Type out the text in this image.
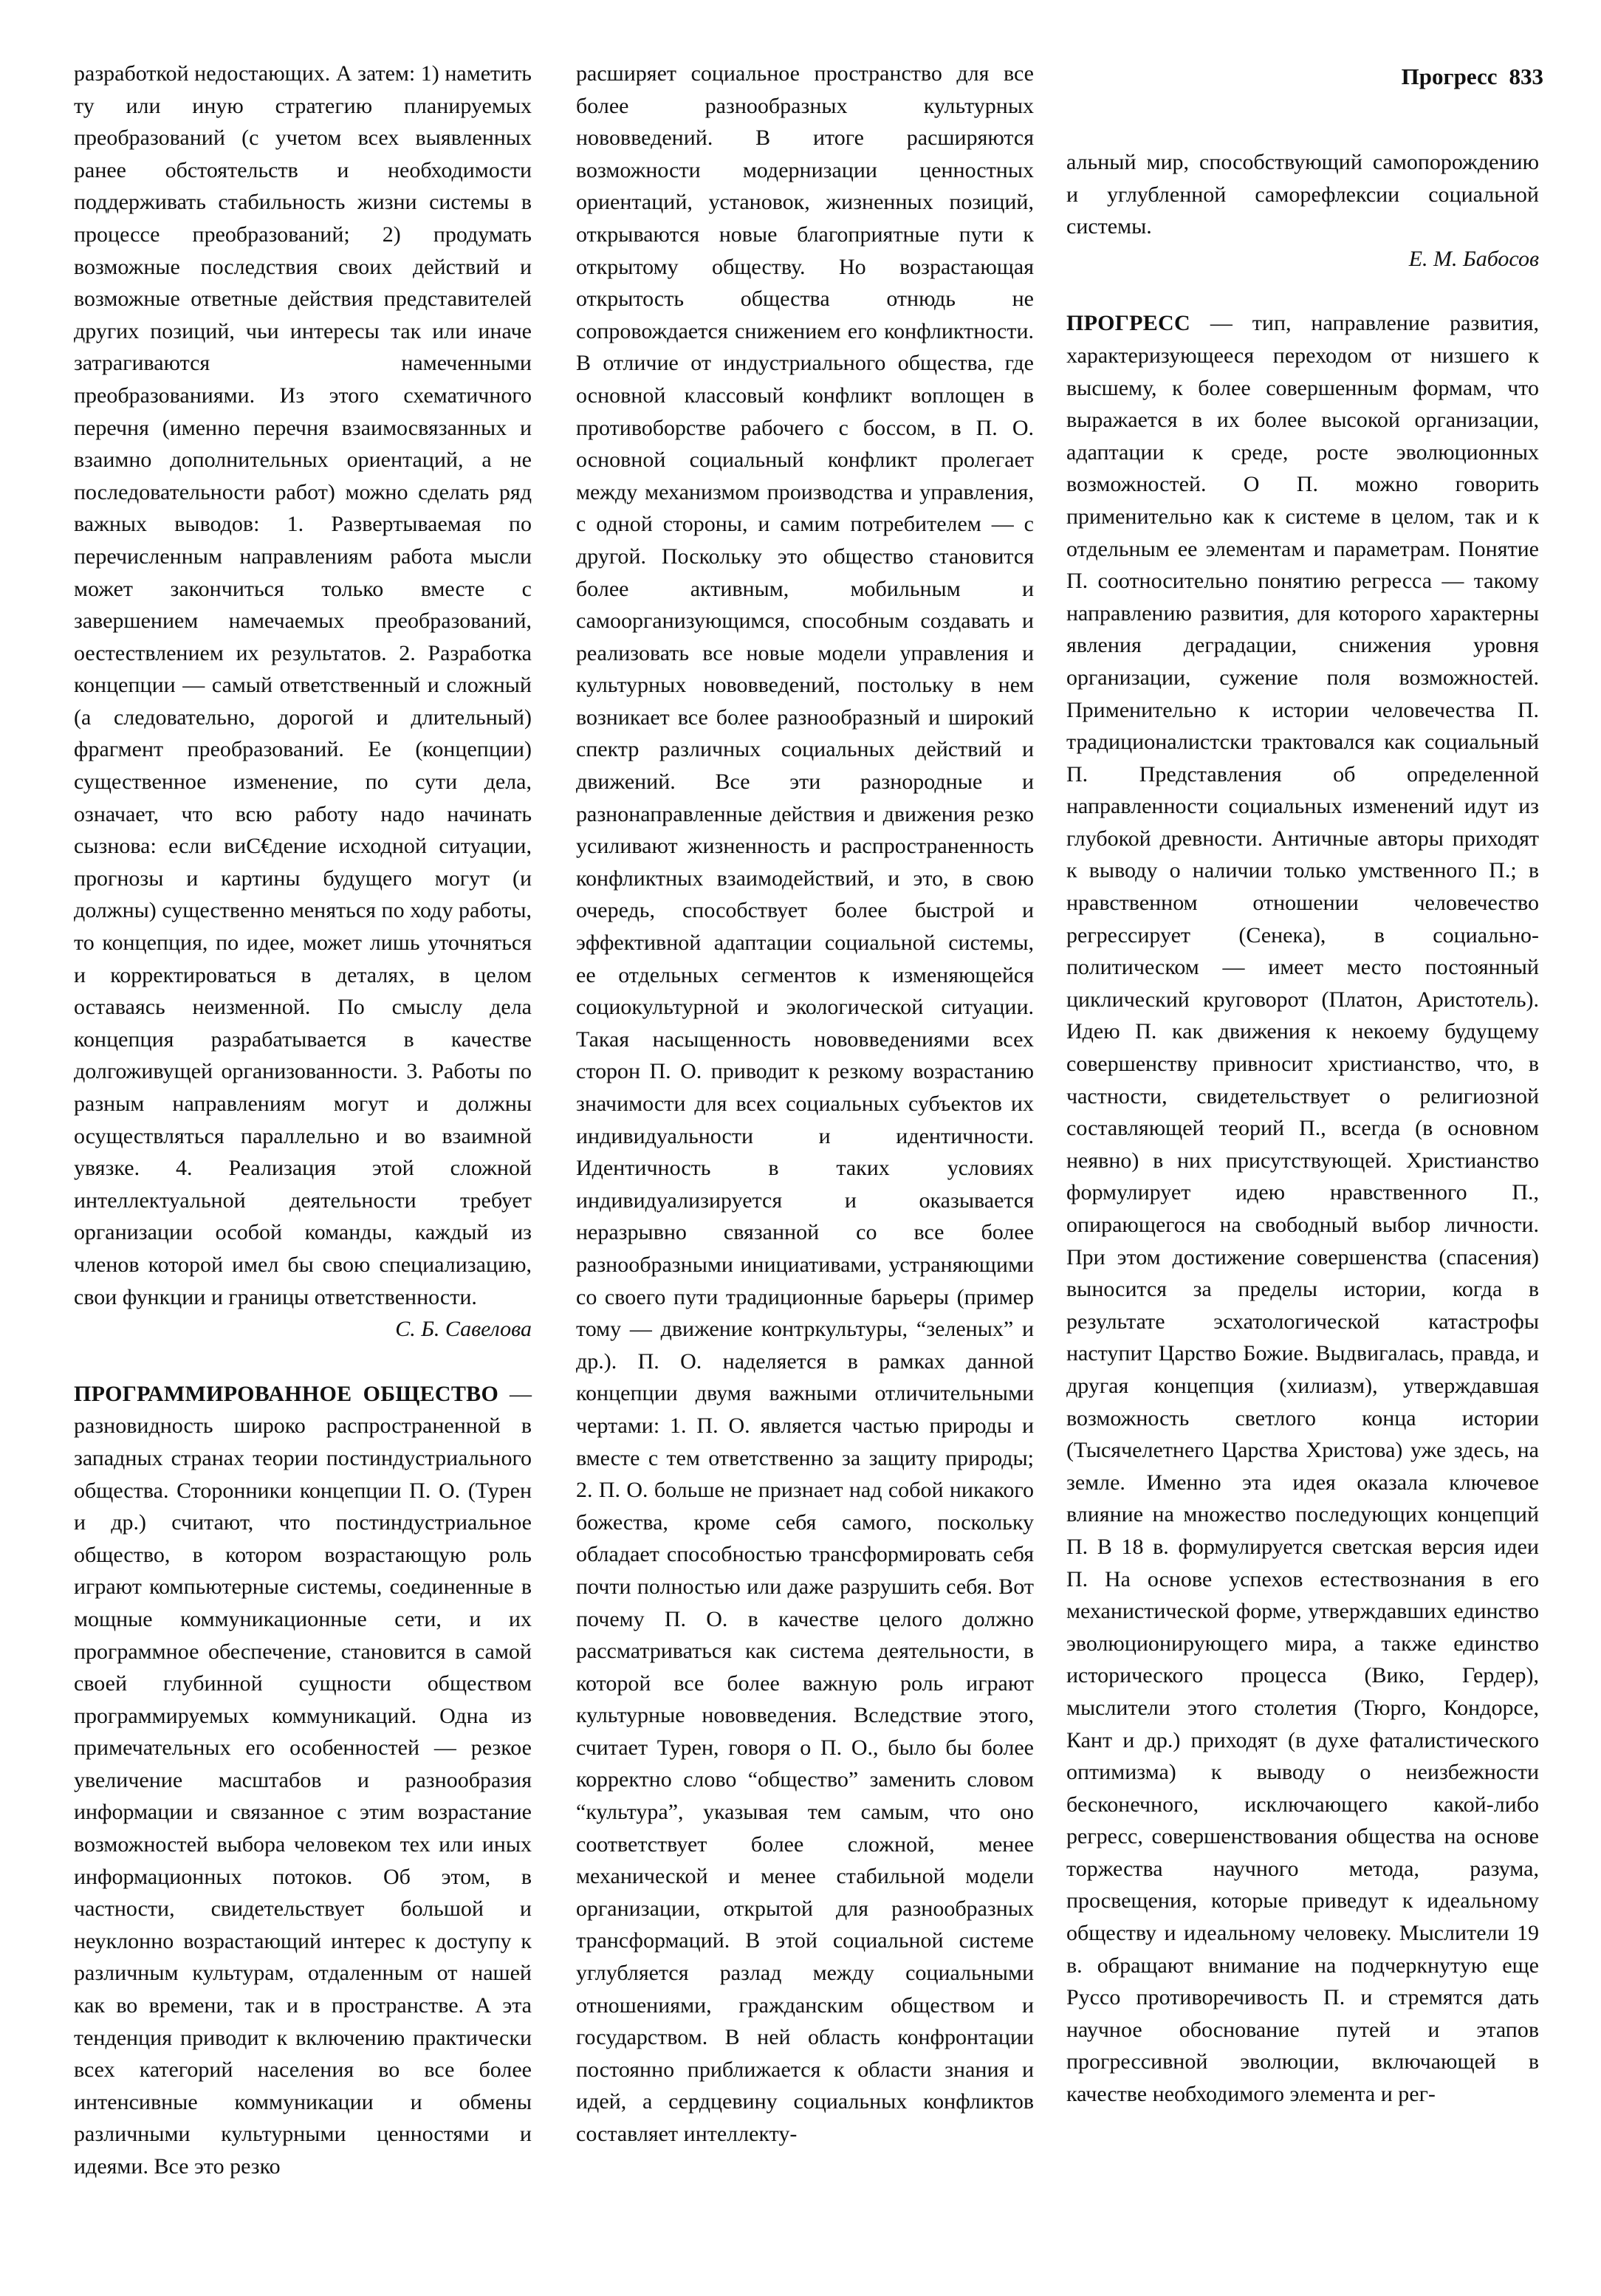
Прогресс 833

разработкой недостающих. А затем: 1) наметить ту или иную стратегию планируемых преобразований (с учетом всех выявленных ранее обстоятельств и необходимости поддерживать стабильность жизни системы в процессе преобразований; 2) продумать возможные последствия своих действий и возможные ответные действия представителей других позиций, чьи интересы так или иначе затрагиваются намеченными преобразованиями. Из этого схематичного перечня (именно перечня взаимосвязанных и взаимно дополнительных ориентаций, а не последовательности работ) можно сделать ряд важных выводов: 1. Развертываемая по перечисленным направлениям работа мысли может закончиться только вместе с завершением намечаемых преобразований, оестествлением их результатов. 2. Разработка концепции — самый ответственный и сложный (а следовательно, дорогой и длительный) фрагмент преобразований. Ее (концепции) существенное изменение, по сути дела, означает, что всю работу надо начинать сызнова: если виС€дение исходной ситуации, прогнозы и картины будущего могут (и должны) существенно меняться по ходу работы, то концепция, по идее, может лишь уточняться и корректироваться в деталях, в целом оставаясь неизменной. По смыслу дела концепция разрабатывается в качестве долгоживущей организованности. 3. Работы по разным направлениям могут и должны осуществляться параллельно и во взаимной увязке. 4. Реализация этой сложной интеллектуальной деятельности требует организации особой команды, каждый из членов которой имел бы свою специализацию, свои функции и границы ответственности.

С. Б. Савелова

ПРОГРАММИРОВАННОЕ ОБЩЕСТВО — разновидность широко распространенной в западных странах теории постиндустриального общества. Сторонники концепции П. О. (Турен и др.) считают, что постиндустриальное общество, в котором возрастающую роль играют компьютерные системы, соединенные в мощные коммуникационные сети, и их программное обеспечение, становится в самой своей глубинной сущности обществом программируемых коммуникаций. Одна из примечательных его особенностей — резкое увеличение масштабов и разнообразия информации и связанное с этим возрастание возможностей выбора человеком тех или иных информационных потоков. Об этом, в частности, свидетельствует большой и неуклонно возрастающий интерес к доступу к различным культурам, отдаленным от нашей как во времени, так и в пространстве. А эта тенденция приводит к включению практически всех категорий населения во все более интенсивные коммуникации и обмены различными культурными ценностями и идеями. Все это резко

расширяет социальное пространство для все более разнообразных культурных нововведений. В итоге расширяются возможности модернизации ценностных ориентаций, установок, жизненных позиций, открываются новые благоприятные пути к открытому обществу. Но возрастающая открытость общества отнюдь не сопровождается снижением его конфликтности. В отличие от индустриального общества, где основной классовый конфликт воплощен в противоборстве рабочего с боссом, в П. О. основной социальный конфликт пролегает между механизмом производства и управления, с одной стороны, и самим потребителем — с другой. Поскольку это общество становится более активным, мобильным и самоорганизующимся, способным создавать и реализовать все новые модели управления и культурных нововведений, постольку в нем возникает все более разнообразный и широкий спектр различных социальных действий и движений. Все эти разнородные и разнонаправленные действия и движения резко усиливают жизненность и распространенность конфликтных взаимодействий, и это, в свою очередь, способствует более быстрой и эффективной адаптации социальной системы, ее отдельных сегментов к изменяющейся социокультурной и экологической ситуации. Такая насыщенность нововведениями всех сторон П. О. приводит к резкому возрастанию значимости для всех социальных субъектов их индивидуальности и идентичности. Идентичность в таких условиях индивидуализируется и оказывается неразрывно связанной со все более разнообразными инициативами, устраняющими со своего пути традиционные барьеры (пример тому — движение контркультуры, “зеленых” и др.). П. О. наделяется в рамках данной концепции двумя важными отличительными чертами: 1. П. О. является частью природы и вместе с тем ответственно за защиту природы; 2. П. О. больше не признает над собой никакого божества, кроме себя самого, поскольку обладает способностью трансформировать себя почти полностью или даже разрушить себя. Вот почему П. О. в качестве целого должно рассматриваться как система деятельности, в которой все более важную роль играют культурные нововведения. Вследствие этого, считает Турен, говоря о П. О., было бы более корректно слово “общество” заменить словом “культура”, указывая тем самым, что оно соответствует более сложной, менее механической и менее стабильной модели организации, открытой для разнообразных трансформаций. В этой социальной системе углубляется разлад между социальными отношениями, гражданским обществом и государством. В ней область конфронтации постоянно приближается к области знания и идей, а сердцевину социальных конфликтов составляет интеллекту-

альный мир, способствующий самопорождению и углубленной саморефлексии социальной системы.

Е. М. Бабосов

ПРОГРЕСС — тип, направление развития, характеризующееся переходом от низшего к высшему, к более совершенным формам, что выражается в их более высокой организации, адаптации к среде, росте эволюционных возможностей. О П. можно говорить применительно как к системе в целом, так и к отдельным ее элементам и параметрам. Понятие П. соотносительно понятию регресса — такому направлению развития, для которого характерны явления деградации, снижения уровня организации, сужение поля возможностей. Применительно к истории человечества П. традиционалистски трактовался как социальный П. Представления об определенной направленности социальных изменений идут из глубокой древности. Античные авторы приходят к выводу о наличии только умственного П.; в нравственном отношении человечество регрессирует (Сенека), в социально-политическом — имеет место постоянный циклический круговорот (Платон, Аристотель). Идею П. как движения к некоему будущему совершенству привносит христианство, что, в частности, свидетельствует о религиозной составляющей теорий П., всегда (в основном неявно) в них присутствующей. Христианство формулирует идею нравственного П., опирающегося на свободный выбор личности. При этом достижение совершенства (спасения) выносится за пределы истории, когда в результате эсхатологической катастрофы наступит Царство Божие. Выдвигалась, правда, и другая концепция (хилиазм), утверждавшая возможность светлого конца истории (Тысячелетнего Царства Христова) уже здесь, на земле. Именно эта идея оказала ключевое влияние на множество последующих концепций П. В 18 в. формулируется светская версия идеи П. На основе успехов естествознания в его механистической форме, утверждавших единство эволюционирующего мира, а также единство исторического процесса (Вико, Гердер), мыслители этого столетия (Тюрго, Кондорсе, Кант и др.) приходят (в духе фаталистического оптимизма) к выводу о неизбежности бесконечного, исключающего какой-либо регресс, совершенствования общества на основе торжества научного метода, разума, просвещения, которые приведут к идеальному обществу и идеальному человеку. Мыслители 19 в. обращают внимание на подчеркнутую еще Руссо противоречивость П. и стремятся дать научное обоснование путей и этапов прогрессивной эволюции, включающей в качестве необходимого элемента и рег-
